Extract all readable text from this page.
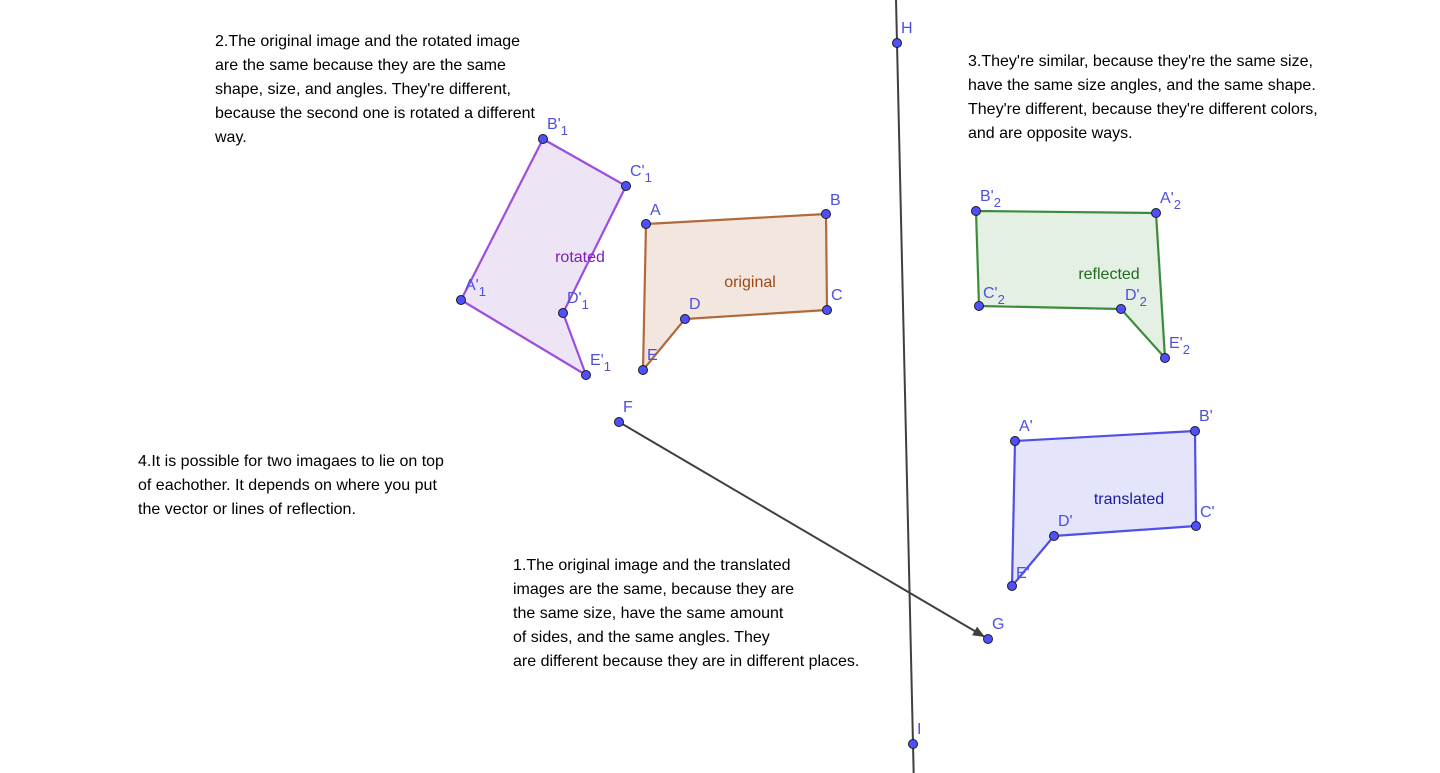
original
rotated
reflected
translated
A
B
C
D
E
$A'_1$
$B'_1$
$C'_1$
$D'_1$
$E'_1$
$A'_2$
$B'_2$
$C'_2$	$D'_2$
$E'_2$
A'
B'
C'
D'
E'
F
G
H
I
2.The original image and the rotated image
are the same because they are the same
shape, size, and angles. They're different,
because the second one is rotated a different
way.
3.They're similar, because they're the same size,
have the same size angles, and the same shape.
They're different, because they're different colors,
and are opposite ways.
4.It is possible for two imagaes to lie on top
of eachother. It depends on where you put
the vector or lines of reflection.
1.The original image and the translated
images are the same, because they are
the same size, have the same amount
of sides, and the same angles. They
are different because they are in different places.
